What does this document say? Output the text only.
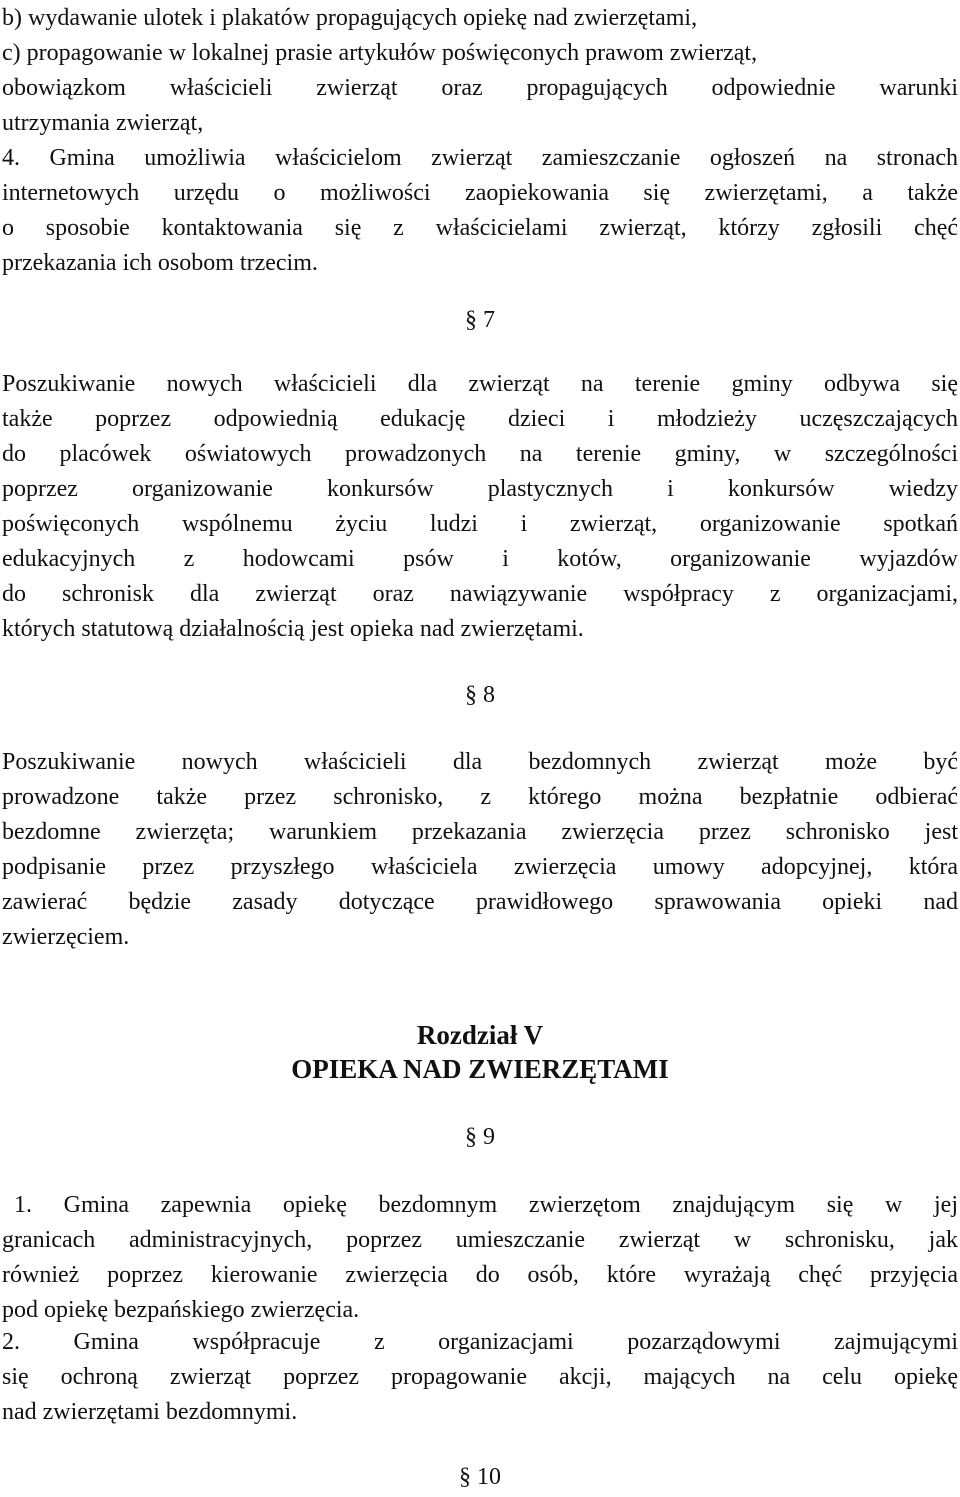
b) wydawanie ulotek i plakatów propagujących opiekę nad zwierzętami,

c) propagowanie w lokalnej prasie artykułów poświęconych prawom zwierząt,

obowiązkom właścicieli zwierząt oraz propagujących odpowiednie warunki

utrzymania zwierząt,

4. Gmina umożliwia właścicielom zwierząt zamieszczanie ogłoszeń na stronach

internetowych urzędu o możliwości zaopiekowania się zwierzętami, a także

o sposobie kontaktowania się z właścicielami zwierząt, którzy zgłosili chęć

przekazania ich osobom trzecim.

§ 7

Poszukiwanie nowych właścicieli dla zwierząt na terenie gminy odbywa się

także poprzez odpowiednią edukację dzieci i młodzieży uczęszczających

do placówek oświatowych prowadzonych na terenie gminy, w szczególności

poprzez organizowanie konkursów plastycznych i konkursów wiedzy

poświęconych wspólnemu życiu ludzi i zwierząt, organizowanie spotkań

edukacyjnych z hodowcami psów i kotów, organizowanie wyjazdów

do schronisk dla zwierząt oraz nawiązywanie współpracy z organizacjami,

których statutową działalnością jest opieka nad zwierzętami.

§ 8

Poszukiwanie nowych właścicieli dla bezdomnych zwierząt może być

prowadzone także przez schronisko, z którego można bezpłatnie odbierać

bezdomne zwierzęta; warunkiem przekazania zwierzęcia przez schronisko jest

podpisanie przez przyszłego właściciela zwierzęcia umowy adopcyjnej, która

zawierać będzie zasady dotyczące prawidłowego sprawowania opieki nad

zwierzęciem.

Rozdział V

OPIEKA NAD ZWIERZĘTAMI

§ 9

1. Gmina zapewnia opiekę bezdomnym zwierzętom znajdującym się w jej

granicach administracyjnych, poprzez umieszczanie zwierząt w schronisku, jak

również poprzez kierowanie zwierzęcia do osób, które wyrażają chęć przyjęcia

pod opiekę bezpańskiego zwierzęcia.

2. Gmina współpracuje z organizacjami pozarządowymi zajmującymi

się ochroną zwierząt poprzez propagowanie akcji, mających na celu opiekę

nad zwierzętami bezdomnymi.

§ 10
